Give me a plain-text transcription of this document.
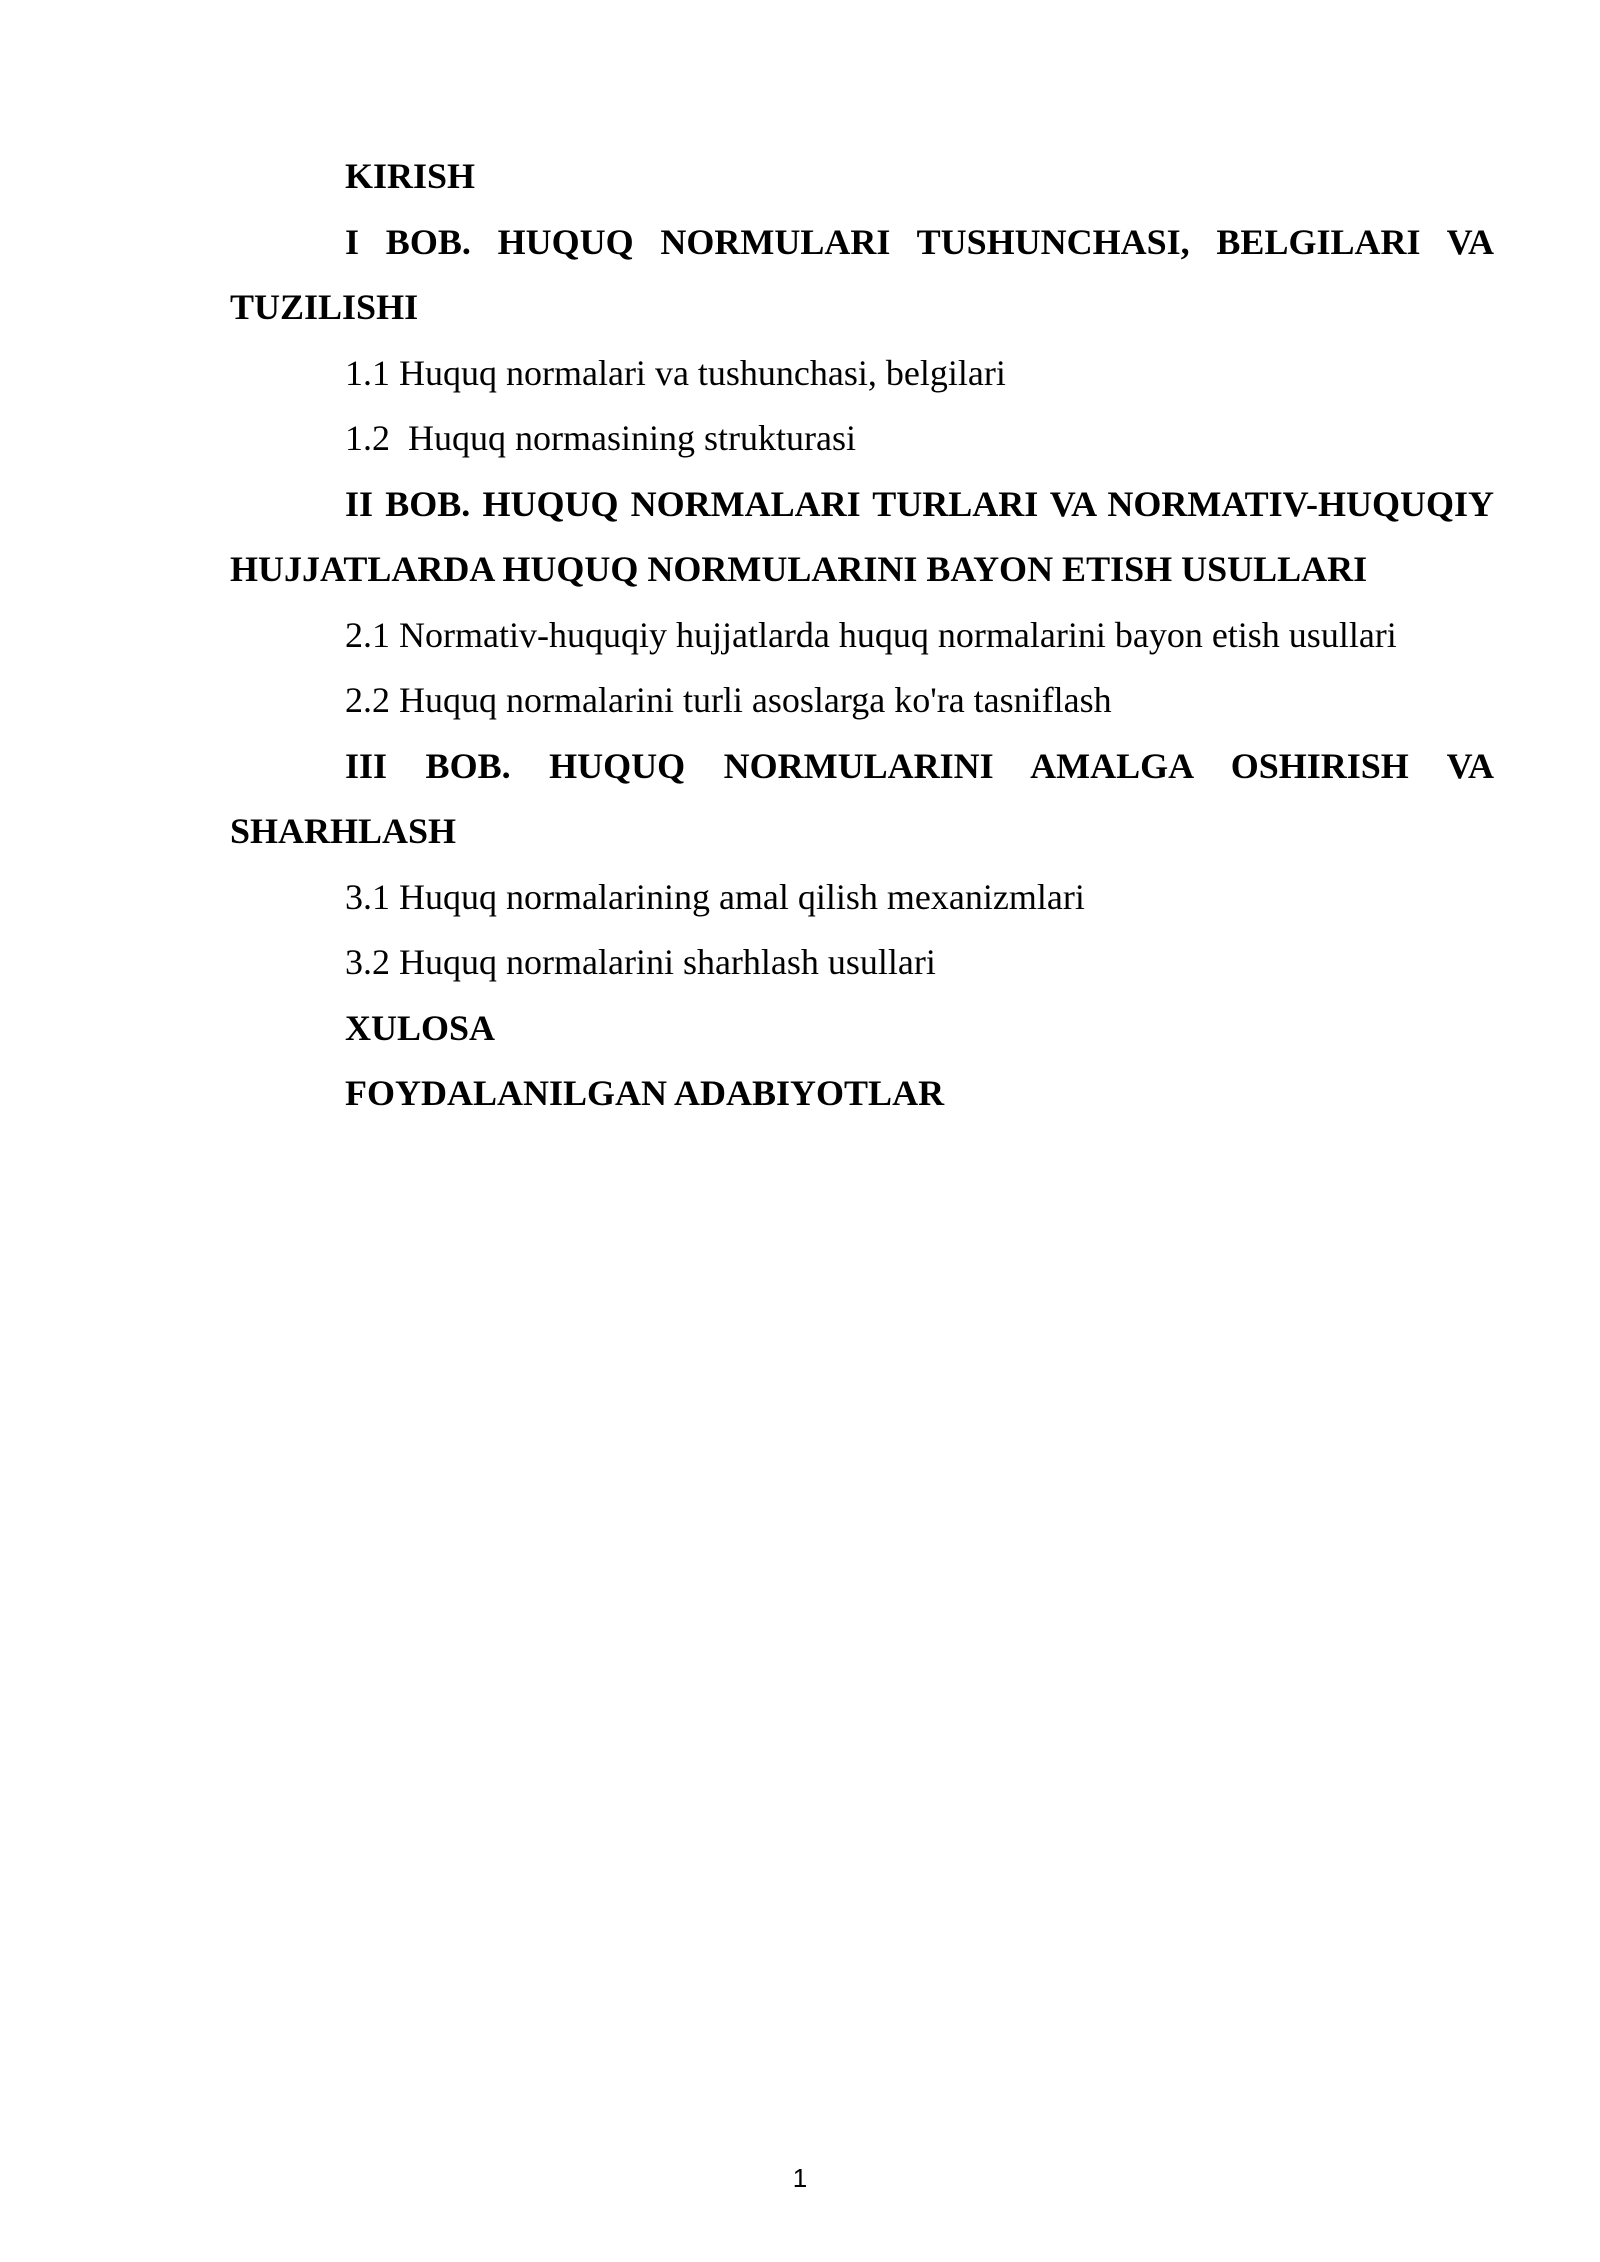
KIRISH
I BOB. HUQUQ NORMULARI TUSHUNCHASI, BELGILARI VA TUZILISHI
1.1 Huquq normalari va tushunchasi, belgilari
1.2  Huquq normasining strukturasi
II BOB. HUQUQ NORMALARI TURLARI VA NORMATIV-HUQUQIY HUJJATLARDA HUQUQ NORMULARINI BAYON ETISH USULLARI
2.1 Normativ-huquqiy hujjatlarda huquq normalarini bayon etish usullari
2.2 Huquq normalarini turli asoslarga ko'ra tasniflash
III BOB. HUQUQ NORMULARINI AMALGA OSHIRISH VA SHARHLASH
3.1 Huquq normalarining amal qilish mexanizmlari
3.2 Huquq normalarini sharhlash usullari
XULOSA
FOYDALANILGAN ADABIYOTLAR
1
